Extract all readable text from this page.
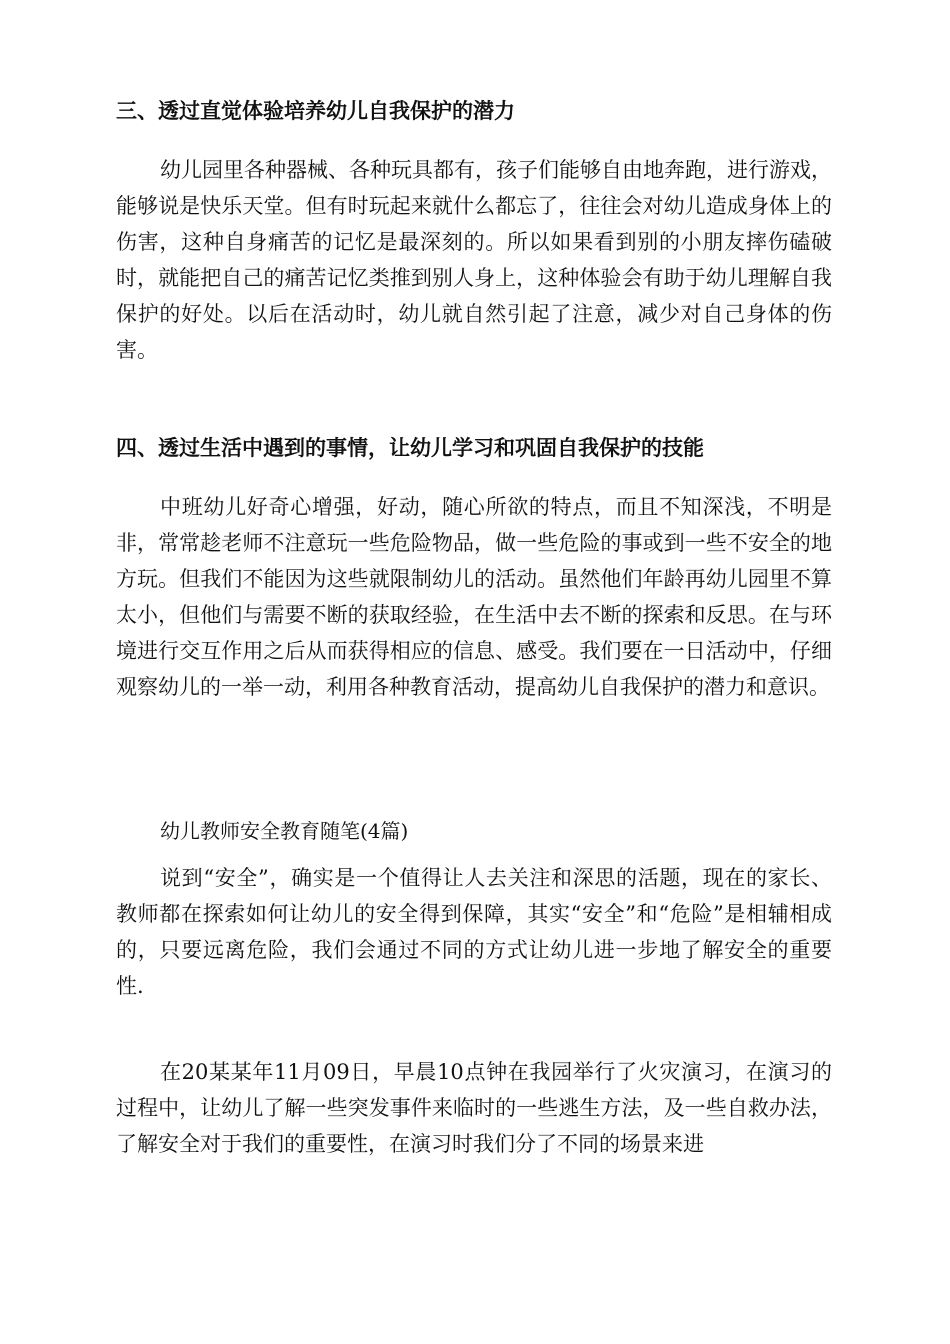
三、透过直觉体验培养幼儿自我保护的潜力

幼儿园里各种器械、各种玩具都有，孩子们能够自由地奔跑，进行游戏，能够说是快乐天堂。但有时玩起来就什么都忘了，往往会对幼儿造成身体上的伤害，这种自身痛苦的记忆是最深刻的。所以如果看到别的小朋友摔伤磕破时，就能把自己的痛苦记忆类推到别人身上，这种体验会有助于幼儿理解自我保护的好处。以后在活动时，幼儿就自然引起了注意，减少对自己身体的伤害。

四、透过生活中遇到的事情，让幼儿学习和巩固自我保护的技能

中班幼儿好奇心增强，好动，随心所欲的特点，而且不知深浅，不明是非，常常趁老师不注意玩一些危险物品，做一些危险的事或到一些不安全的地方玩。但我们不能因为这些就限制幼儿的活动。虽然他们年龄再幼儿园里不算太小，但他们与需要不断的获取经验，在生活中去不断的探索和反思。在与环境进行交互作用之后从而获得相应的信息、感受。我们要在一日活动中，仔细观察幼儿的一举一动，利用各种教育活动，提高幼儿自我保护的潜力和意识。

幼儿教师安全教育随笔(4篇)

说到“安全”，确实是一个值得让人去关注和深思的活题，现在的家长、教师都在探索如何让幼儿的安全得到保障，其实“安全”和“危险”是相辅相成的，只要远离危险，我们会通过不同的方式让幼儿进一步地了解安全的重要性.

在20某某年11月09日，早晨10点钟在我园举行了火灾演习，在演习的过程中，让幼儿了解一些突发事件来临时的一些逃生方法，及一些自救办法，了解安全对于我们的重要性，在演习时我们分了不同的场景来进
